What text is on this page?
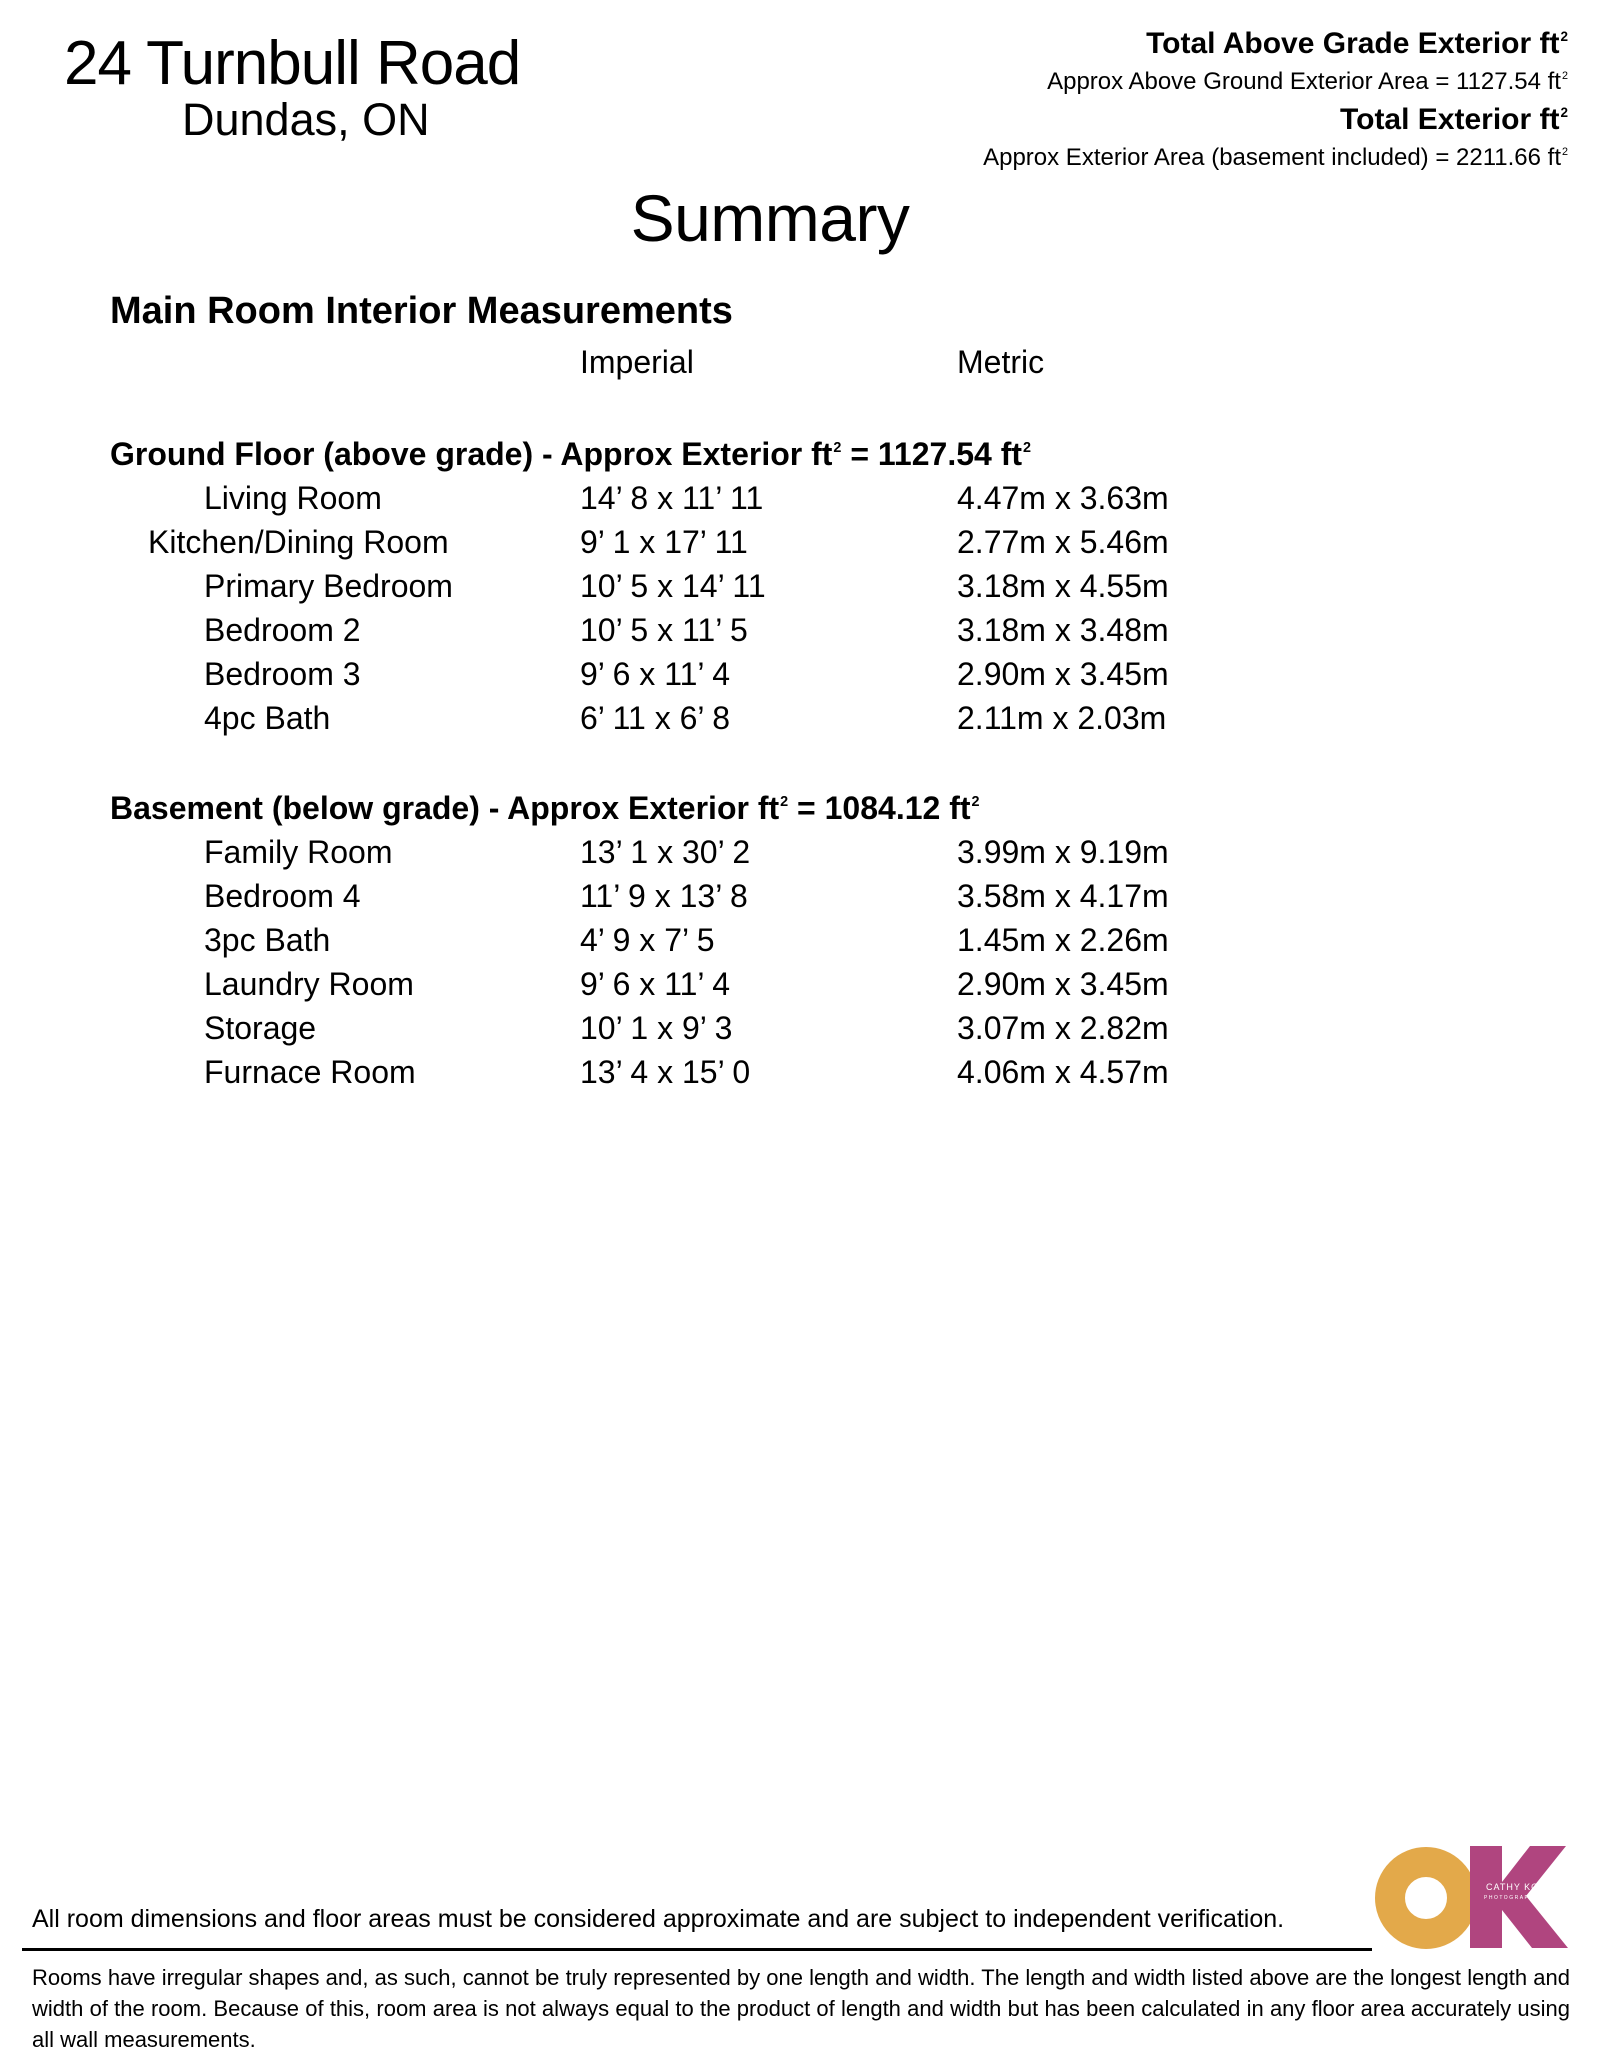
24 Turnbull Road
Dundas, ON
Total Above Grade Exterior $ft^2$
Approx Above Ground Exterior Area = 1127.54 $ft^2$
Total Exterior $ft^2$
Approx Exterior Area (basement included) = 2211.66 $ft^2$
Summary
Main Room Interior Measurements
Imperial	Metric
Ground Floor (above grade) - Approx Exterior $ft^2 = 1127.54$ $ft^2$
Living Room	14’ 8 x 11’ 11	4.47m x 3.63m
Kitchen/Dining Room	9’ 1 x 17’ 11	2.77m x 5.46m
Primary Bedroom	10’ 5 x 14’ 11	3.18m x 4.55m
Bedroom 2	10’ 5 x 11’ 5	3.18m x 3.48m
Bedroom 3	9’ 6 x 11’ 4	2.90m x 3.45m
4pc Bath	6’ 11 x 6’ 8	2.11m x 2.03m
Basement (below grade) - Approx Exterior $ft^2 = 1084.12$ $ft^2$
Family Room	13’ 1 x 30’ 2	3.99m x 9.19m
Bedroom 4	11’ 9 x 13’ 8	3.58m x 4.17m
3pc Bath	4’ 9 x 7’ 5	1.45m x 2.26m
Laundry Room	9’ 6 x 11’ 4	2.90m x 3.45m
Storage	10’ 1 x 9’ 3	3.07m x 2.82m
Furnace Room	13’ 4 x 15’ 0	4.06m x 4.57m
All room dimensions and floor areas must be considered approximate and are subject to independent verification.
Rooms have irregular shapes and, as such, cannot be truly represented by one length and width. The length and width listed above are the longest length and width of the room. Because of this, room area is not always equal to the product of length and width but has been calculated in any floor area accurately using all wall measurements.
CATHY KOOP
PHOTOGRAPHY
